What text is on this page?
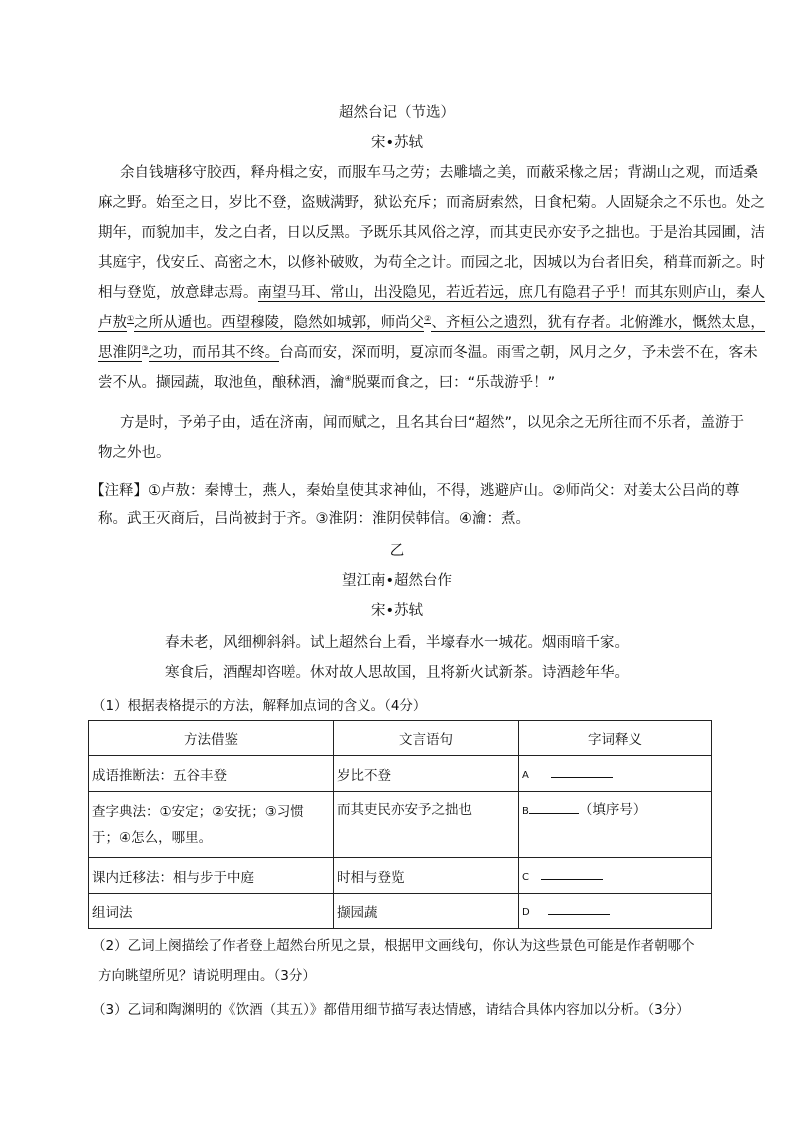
超然台记（节选）
宋•苏轼
余自钱塘移守胶西，释舟楫之安，而服车马之劳；去雕墙之美，而蔽采椽之居；背湖山之观，而适桑
麻之野。始至之日，岁比不登，盗贼满野，狱讼充斥；而斋厨索然，日食杞菊。人固疑余之不乐也。处之
期年，而貌加丰，发之白者，日以反黑。予既乐其风俗之淳，而其吏民亦安予之拙也。于是治其园圃，洁
其庭宇，伐安丘、高密之木，以修补破败，为苟全之计。而园之北，因城以为台者旧矣，稍葺而新之。时
相与登览，放意肆志焉。南望马耳、常山，出没隐见，若近若远，庶几有隐君子乎！而其东则庐山，秦人
卢敖①之所从遁也。西望穆陵，隐然如城郭，师尚父②、齐桓公之遗烈，犹有存者。北俯潍水，慨然太息，
思淮阴③之功，而吊其不终。台高而安，深而明，夏凉而冬温。雨雪之朝，风月之夕，予未尝不在，客未
尝不从。撷园蔬，取池鱼，酿秫酒，瀹④脱粟而食之，曰：“乐哉游乎！”
方是时，予弟子由，适在济南，闻而赋之，且名其台曰“超然”，以见余之无所往而不乐者，盖游于
物之外也。
【注释】①卢敖：秦博士，燕人，秦始皇使其求神仙，不得，逃避庐山。②师尚父：对姜太公吕尚的尊
称。武王灭商后，吕尚被封于齐。③淮阴：淮阴侯韩信。④瀹：煮。
乙
望江南•超然台作
宋•苏轼
春未老，风细柳斜斜。试上超然台上看，半壕春水一城花。烟雨暗千家。
寒食后，酒醒却咨嗟。休对故人思故国，且将新火试新茶。诗酒趁年华。
（1）根据表格提示的方法，解释加点词的含义。（4分）
方法借鉴	文言语句	字词释义
成语推断法：五谷丰登	岁比不登	A
查字典法：①安定；②安抚；③习惯于；④怎么，哪里。	而其吏民亦安予之拙也	B （填序号）
课内迁移法：相与步于中庭	时相与登览	C
组词法	撷园蔬	D
（2）乙词上阕描绘了作者登上超然台所见之景，根据甲文画线句，你认为这些景色可能是作者朝哪个
方向眺望所见？请说明理由。（3分）
（3）乙词和陶渊明的《饮酒（其五）》都借用细节描写表达情感，请结合具体内容加以分析。（3分）
